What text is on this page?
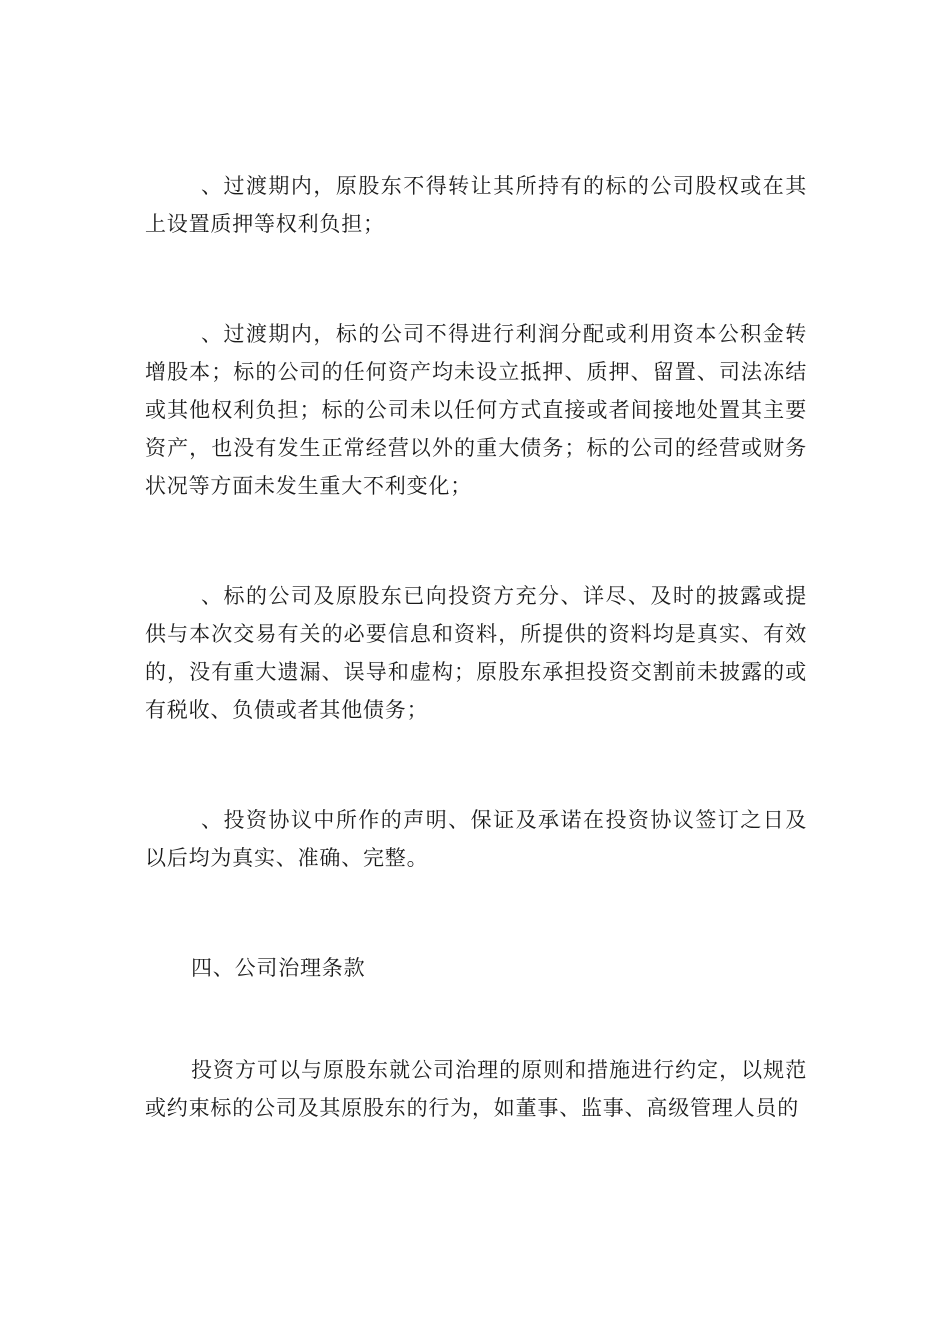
、过渡期内，原股东不得转让其所持有的标的公司股权或在其上设置质押等权利负担；

、过渡期内，标的公司不得进行利润分配或利用资本公积金转增股本；标的公司的任何资产均未设立抵押、质押、留置、司法冻结或其他权利负担；标的公司未以任何方式直接或者间接地处置其主要资产，也没有发生正常经营以外的重大债务；标的公司的经营或财务状况等方面未发生重大不利变化；

、标的公司及原股东已向投资方充分、详尽、及时的披露或提供与本次交易有关的必要信息和资料，所提供的资料均是真实、有效的，没有重大遗漏、误导和虚构；原股东承担投资交割前未披露的或有税收、负债或者其他债务；

、投资协议中所作的声明、保证及承诺在投资协议签订之日及以后均为真实、准确、完整。

四、公司治理条款

投资方可以与原股东就公司治理的原则和措施进行约定，以规范或约束标的公司及其原股东的行为，如董事、监事、高级管理人员的
